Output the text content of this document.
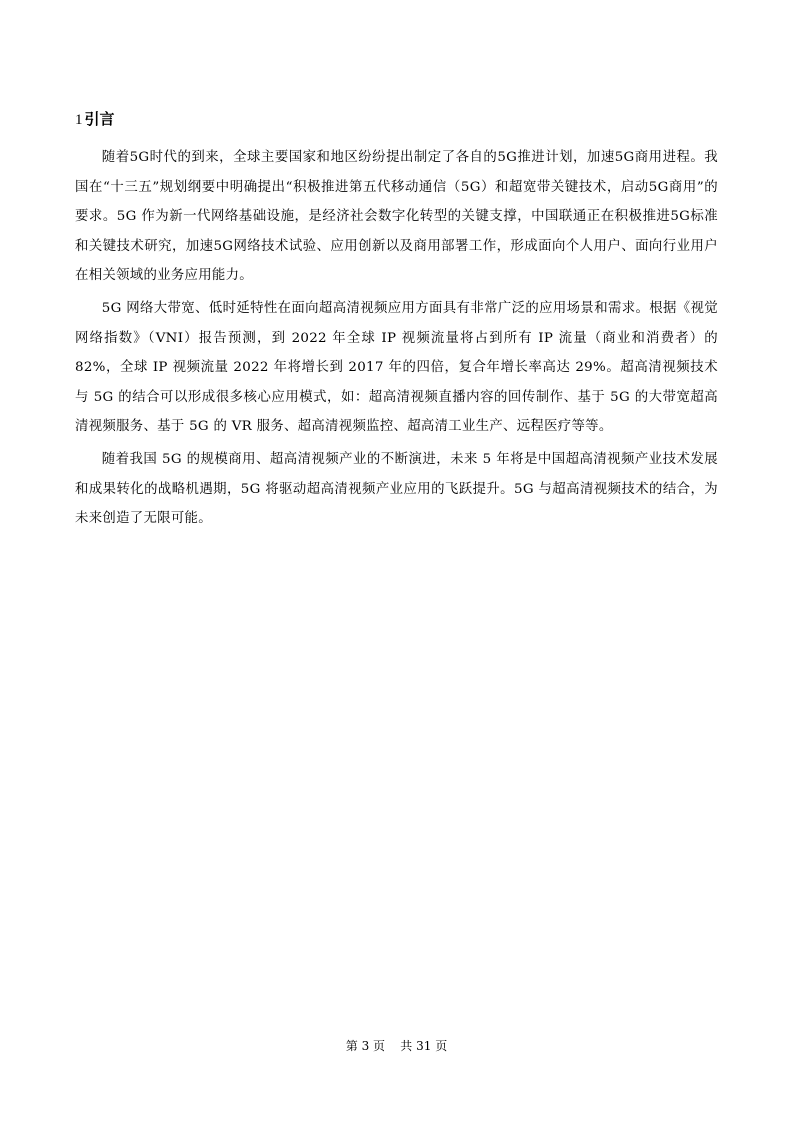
1 引言

随着5G时代的到来，全球主要国家和地区纷纷提出制定了各自的5G推进计划，加速5G商用进程。我国在“十三五”规划纲要中明确提出“积极推进第五代移动通信（5G）和超宽带关键技术，启动5G商用”的要求。5G 作为新一代网络基础设施，是经济社会数字化转型的关键支撑，中国联通正在积极推进5G标准和关键技术研究，加速5G网络技术试验、应用创新以及商用部署工作，形成面向个人用户、面向行业用户在相关领域的业务应用能力。

5G 网络大带宽、低时延特性在面向超高清视频应用方面具有非常广泛的应用场景和需求。根据《视觉网络指数》（VNI）报告预测，到 2022 年全球 IP 视频流量将占到所有 IP 流量（商业和消费者）的 82%，全球 IP 视频流量 2022 年将增长到 2017 年的四倍，复合年增长率高达 29%。超高清视频技术与 5G 的结合可以形成很多核心应用模式，如：超高清视频直播内容的回传制作、基于 5G 的大带宽超高清视频服务、基于 5G 的 VR 服务、超高清视频监控、超高清工业生产、远程医疗等等。

随着我国 5G 的规模商用、超高清视频产业的不断演进，未来 5 年将是中国超高清视频产业技术发展和成果转化的战略机遇期，5G 将驱动超高清视频产业应用的飞跃提升。5G 与超高清视频技术的结合，为未来创造了无限可能。

第 3 页    共 31 页
